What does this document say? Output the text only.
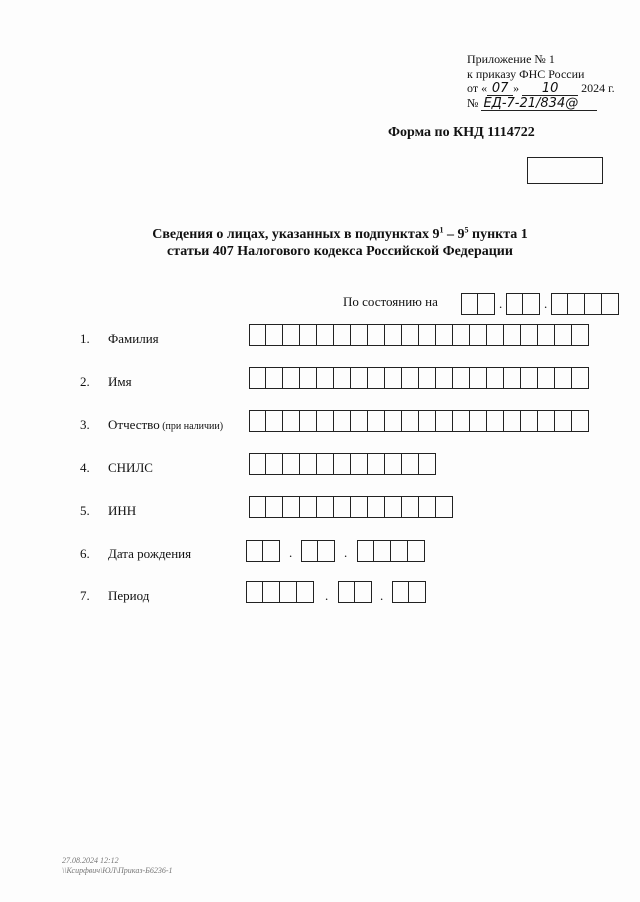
Приложение № 1
к приказу ФНС России
от « 07 » 10 2024 г.
№ ЕД-7-21/834@
Форма по КНД 1114722
Сведения о лицах, указанных в подпунктах $9^1 - 9^5$ пункта 1
статьи 407 Налогового кодекса Российской Федерации
По состоянию на	.	.
1. Фамилия
2. Имя
3. Отчество (при наличии)
4. СНИЛС
5. ИНН
6. Дата рождения	.	.
7. Период	.	.
27.08.2024 12:12
\\Ксирфвич\ЮЛ\Приказ-Б6236-1
